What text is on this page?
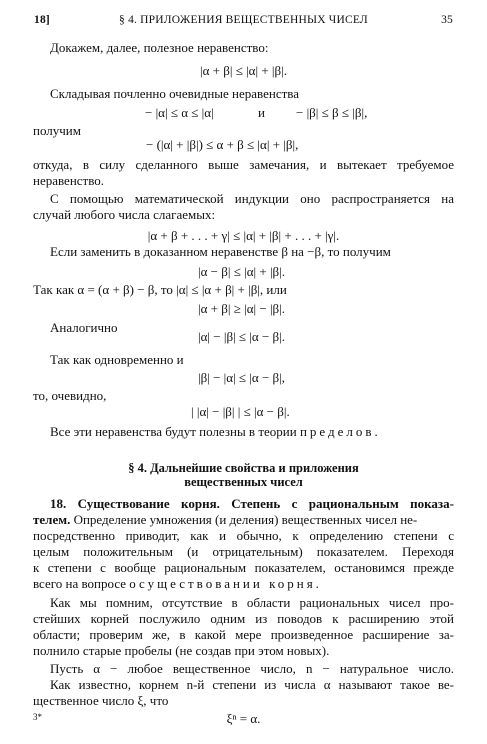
18]	§ 4. ПРИЛОЖЕНИЯ ВЕЩЕСТВЕННЫХ ЧИСЕЛ	35
Докажем, далее, полезное неравенство:
|α + β| ≤ |α| + |β|.
Складывая почленно очевидные неравенства
− |α| ≤ α ≤ |α|	и − |β| ≤ β ≤ |β|,
получим
− (|α| + |β|) ≤ α + β ≤ |α| + |β|,
откуда, в силу сделанного выше замечания, и вытекает требуемое
неравенство.
С помощью математической индукции оно распространяется на
случай любого числа слагаемых:
|α + β + . . . + γ| ≤ |α| + |β| + . . . + |γ|.
Если заменить в доказанном неравенстве β на −β, то получим
|α − β| ≤ |α| + |β|.
Так как α = (α + β) − β, то |α| ≤ |α + β| + |β|, или
|α + β| ≥ |α| − |β|.
Аналогично
|α| − |β| ≤ |α − β|.
Так как одновременно и
|β| − |α| ≤ |α − β|,
то, очевидно,
| |α| − |β| | ≤ |α − β|.
Все эти неравенства будут полезны в теории пределов.
§ 4. Дальнейшие свойства и приложения
вещественных чисел
18. Существование корня. Степень с рациональным показа-
телем. Определение умножения (и деления) вещественных чисел не-
посредственно приводит, как и обычно, к определению степени с
целым положительным (и отрицательным) показателем. Переходя
к степени с вообще рациональным показателем, остановимся прежде
всего на вопросе о существовании корня.
Как мы помним, отсутствие в области рациональных чисел про-
стейших корней послужило одним из поводов к расширению этой
области; проверим же, в какой мере произведенное расширение за-
полнило старые пробелы (не создав при этом новых).
Пусть α − любое вещественное число, n − натуральное число.
Как известно, корнем n-й степени из числа α называют такое ве-
щественное число ξ, что
ξⁿ = α.
3*
